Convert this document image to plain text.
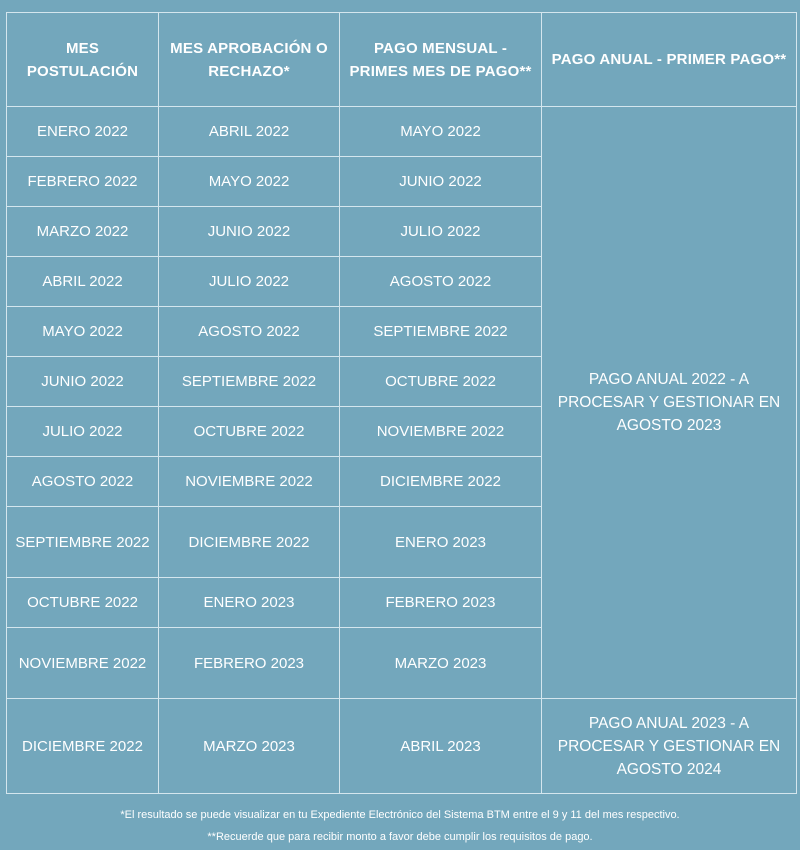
MES POSTULACIÓN	MES APROBACIÓN O RECHAZO*	PAGO MENSUAL - PRIMES MES DE PAGO**	PAGO ANUAL - PRIMER PAGO**
ENERO 2022	ABRIL 2022	MAYO 2022	PAGO ANUAL 2022 - A PROCESAR Y GESTIONAR EN AGOSTO 2023
FEBRERO 2022	MAYO 2022	JUNIO 2022	
MARZO 2022	JUNIO 2022	JULIO 2022	
ABRIL 2022	JULIO 2022	AGOSTO 2022	
MAYO 2022	AGOSTO 2022	SEPTIEMBRE 2022	
JUNIO 2022	SEPTIEMBRE 2022	OCTUBRE 2022	
JULIO 2022	OCTUBRE 2022	NOVIEMBRE 2022	
AGOSTO 2022	NOVIEMBRE 2022	DICIEMBRE 2022	
SEPTIEMBRE 2022	DICIEMBRE 2022	ENERO 2023	
OCTUBRE 2022	ENERO 2023	FEBRERO 2023	
NOVIEMBRE 2022	FEBRERO 2023	MARZO 2023	
DICIEMBRE 2022	MARZO 2023	ABRIL 2023	PAGO ANUAL 2023 - A PROCESAR Y GESTIONAR EN AGOSTO 2024
*El resultado se puede visualizar en tu Expediente Electrónico del Sistema BTM entre el 9 y 11 del mes respectivo.
**Recuerde que para recibir monto a favor debe cumplir los requisitos de pago.
